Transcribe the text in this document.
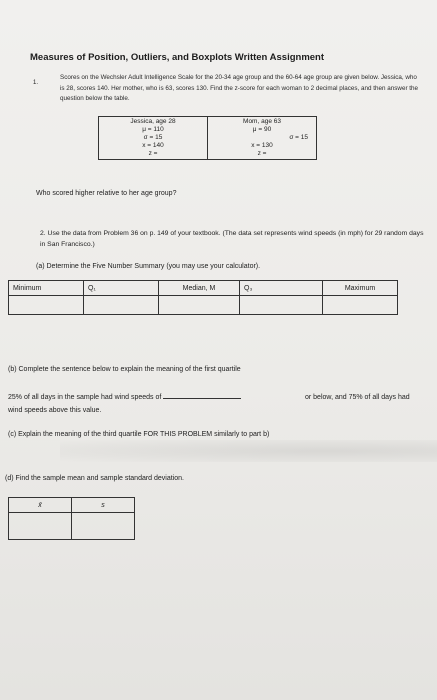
Measures of Position, Outliers, and Boxplots Written Assignment
1.
Scores on the Wechsler Adult Intelligence Scale for the 20-34 age group and the 60-64 age group are given below. Jessica, who is 28, scores 140. Her mother, who is 63, scores 130. Find the z-score for each woman to 2 decimal places, and then answer the question below the table.
Jessica, age 28
μ = 110
σ = 15
x = 140
z =

Mom, age 63
μ = 90
σ = 15
x = 130
z =
Who scored higher relative to her age group?
2. Use the data from Problem 36 on p. 149 of your textbook. (The data set represents wind speeds (in mph) for 29 random days in San Francisco.)
(a) Determine the Five Number Summary (you may use your calculator).
Minimum	Q₁	Median, M	Q₃	Maximum

(b) Complete the sentence below to explain the meaning of the first quartile
25% of all days in the sample had wind speeds of	or below, and 75% of all days had
wind speeds above this value.
(c) Explain the meaning of the third quartile FOR THIS PROBLEM similarly to part b)
(d) Find the sample mean and sample standard deviation.
x̄	s
